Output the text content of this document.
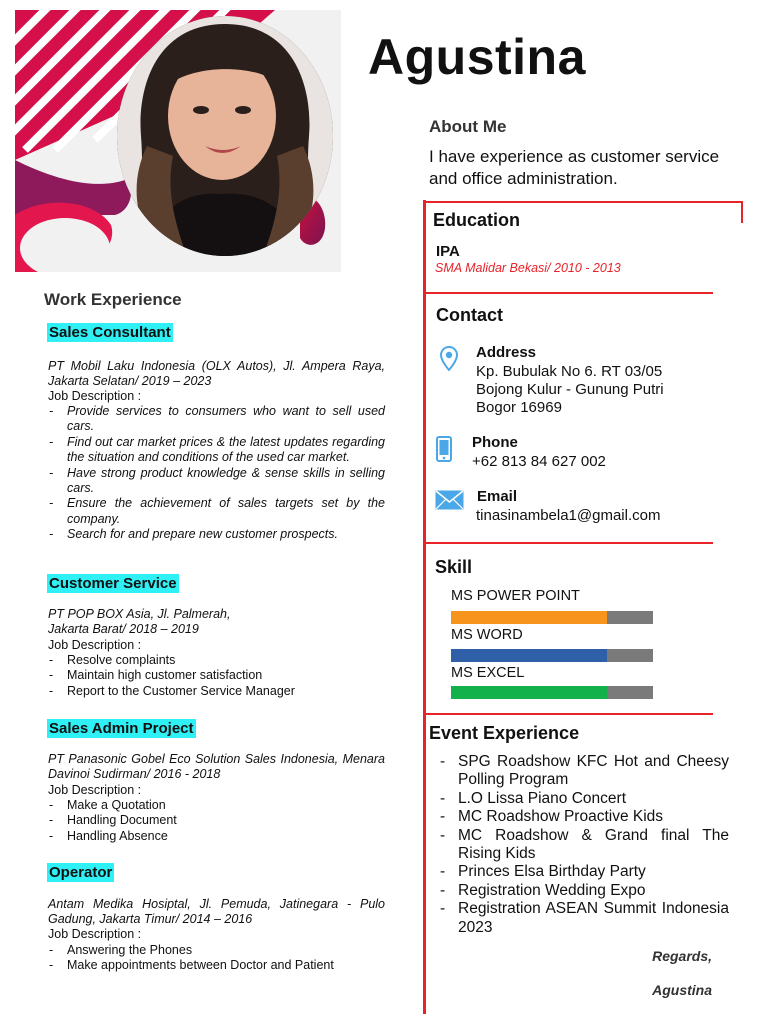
Agustina
About Me
I have experience as customer service and office administration.
Education
IPA
SMA Malidar Bekasi/ 2010 - 2013
Contact
Address
Kp. Bubulak No 6. RT 03/05
Bojong Kulur - Gunung Putri
Bogor 16969
Phone
+62 813 84 627 002
Email
tinasinambela1@gmail.com
Skill
MS POWER POINT
MS WORD
MS EXCEL
Event Experience
- SPG Roadshow KFC Hot and Cheesy Polling Program
- L.O Lissa Piano Concert
- MC Roadshow Proactive Kids
- MC Roadshow & Grand final The Rising Kids
- Princes Elsa Birthday Party
- Registration Wedding Expo
- Registration ASEAN Summit Indonesia 2023
Regards,
Agustina
Work Experience
Sales Consultant
PT Mobil Laku Indonesia (OLX Autos), Jl. Ampera Raya, Jakarta Selatan/ 2019 – 2023
Job Description :
- Provide services to consumers who want to sell used cars.
- Find out car market prices & the latest updates regarding the situation and conditions of the used car market.
- Have strong product knowledge & sense skills in selling cars.
- Ensure the achievement of sales targets set by the company.
- Search for and prepare new customer prospects.
Customer Service
PT POP BOX Asia, Jl. Palmerah, Jakarta Barat/ 2018 – 2019
Job Description :
- Resolve complaints
- Maintain high customer satisfaction
- Report to the Customer Service Manager
Sales Admin Project
PT Panasonic Gobel Eco Solution Sales Indonesia, Menara Davinoi Sudirman/ 2016 - 2018
Job Description :
- Make a Quotation
- Handling Document
- Handling Absence
Operator
Antam Medika Hosiptal, Jl. Pemuda, Jatinegara - Pulo Gadung, Jakarta Timur/ 2014 – 2016
Job Description :
- Answering the Phones
- Make appointments between Doctor and Patient
